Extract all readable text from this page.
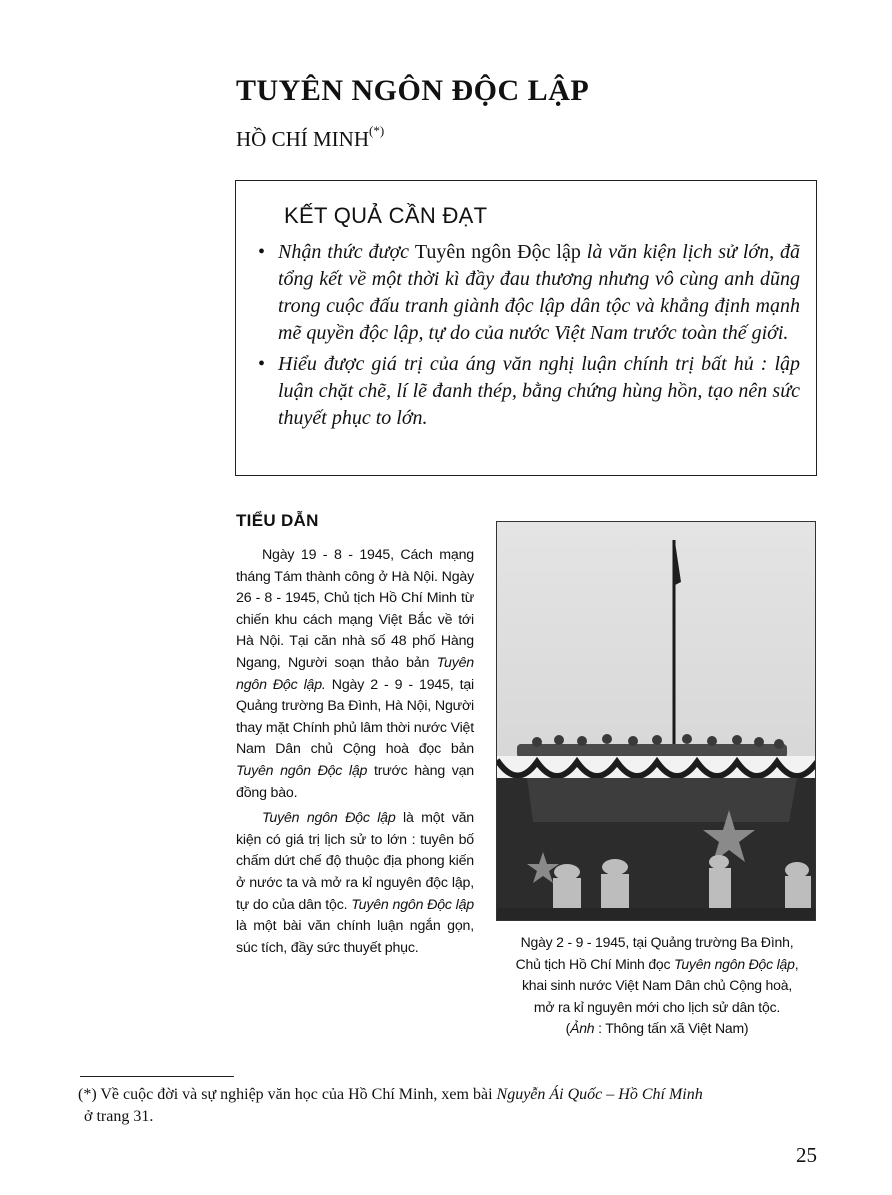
TUYÊN NGÔN ĐỘC LẬP
HỒ CHÍ MINH(*)
KẾT QUẢ CẦN ĐẠT
• Nhận thức được Tuyên ngôn Độc lập là văn kiện lịch sử lớn, đã tổng kết về một thời kì đầy đau thương nhưng vô cùng anh dũng trong cuộc đấu tranh giành độc lập dân tộc và khẳng định mạnh mẽ quyền độc lập, tự do của nước Việt Nam trước toàn thế giới.
• Hiểu được giá trị của áng văn nghị luận chính trị bất hủ : lập luận chặt chẽ, lí lẽ đanh thép, bằng chứng hùng hồn, tạo nên sức thuyết phục to lớn.
TIỂU DẪN

Ngày 19 - 8 - 1945, Cách mạng tháng Tám thành công ở Hà Nội. Ngày 26 - 8 - 1945, Chủ tịch Hồ Chí Minh từ chiến khu cách mạng Việt Bắc về tới Hà Nội. Tại căn nhà số 48 phố Hàng Ngang, Người soạn thảo bản Tuyên ngôn Độc lập. Ngày 2 - 9 - 1945, tại Quảng trường Ba Đình, Hà Nội, Người thay mặt Chính phủ lâm thời nước Việt Nam Dân chủ Cộng hoà đọc bản Tuyên ngôn Độc lập trước hàng vạn đồng bào.

Tuyên ngôn Độc lập là một văn kiện có giá trị lịch sử to lớn : tuyên bố chấm dứt chế độ thuộc địa phong kiến ở nước ta và mở ra kỉ nguyên độc lập, tự do của dân tộc. Tuyên ngôn Độc lập là một bài văn chính luận ngắn gọn, súc tích, đầy sức thuyết phục.	Ngày 2 - 9 - 1945, tại Quảng trường Ba Đình,
Chủ tịch Hồ Chí Minh đọc Tuyên ngôn Độc lập,
khai sinh nước Việt Nam Dân chủ Cộng hoà,
mở ra kỉ nguyên mới cho lịch sử dân tộc.
(Ảnh : Thông tấn xã Việt Nam)
(*) Về cuộc đời và sự nghiệp văn học của Hồ Chí Minh, xem bài Nguyễn Ái Quốc – Hồ Chí Minh
ở trang 31.
25
